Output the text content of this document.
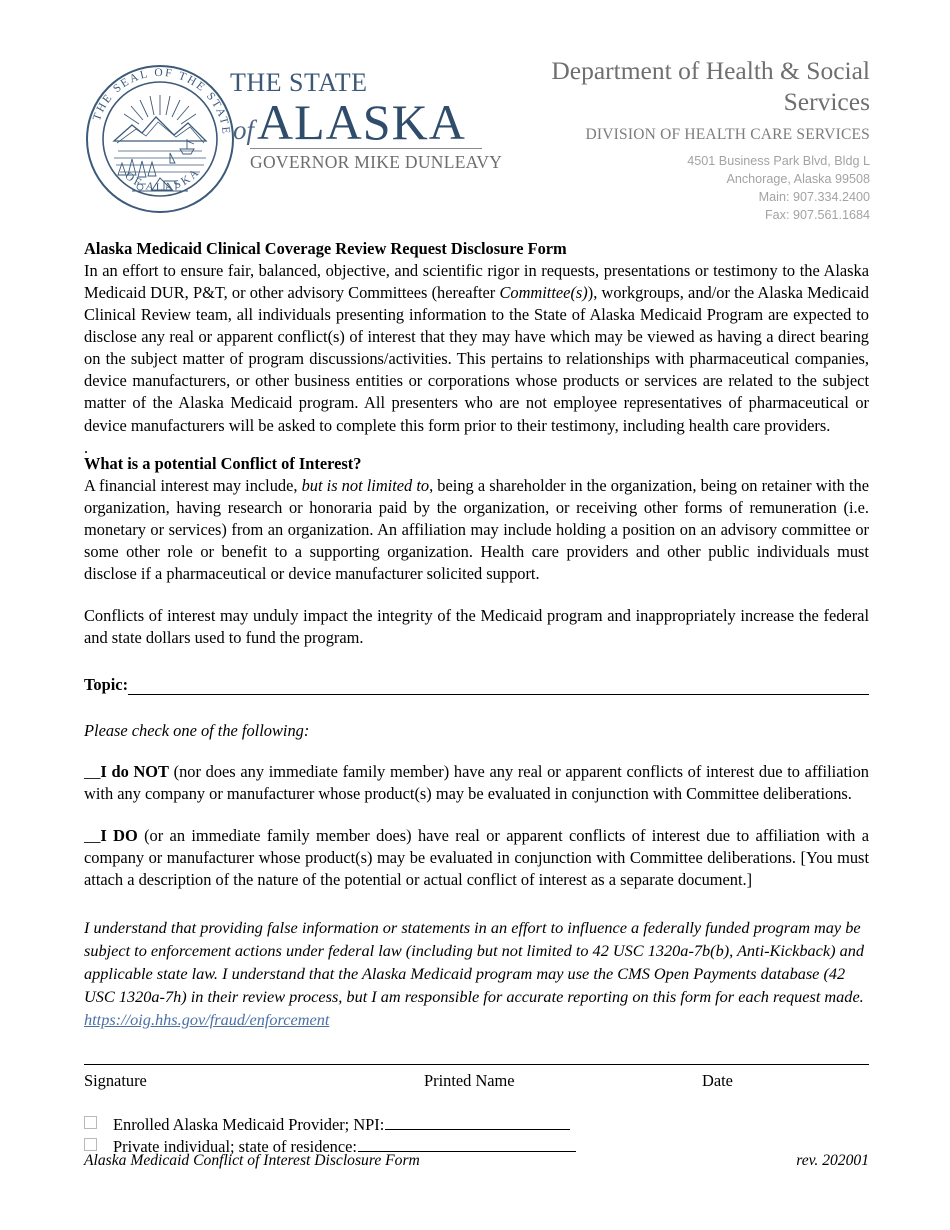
THE SEAL OF THE STATE
OF ALASKA
THE STATE
of ALASKA
GOVERNOR MIKE DUNLEAVY
Department of Health & Social Services
DIVISION OF HEALTH CARE SERVICES
4501 Business Park Blvd, Bldg L
Anchorage, Alaska 99508
Main: 907.334.2400
Fax: 907.561.1684
Alaska Medicaid Clinical Coverage Review Request Disclosure Form

In an effort to ensure fair, balanced, objective, and scientific rigor in requests, presentations or testimony to the Alaska Medicaid DUR, P&T, or other advisory Committees (hereafter Committee(s)), workgroups, and/or the Alaska Medicaid Clinical Review team, all individuals presenting information to the State of Alaska Medicaid Program are expected to disclose any real or apparent conflict(s) of interest that they may have which may be viewed as having a direct bearing on the subject matter of program discussions/activities. This pertains to relationships with pharmaceutical companies, device manufacturers, or other business entities or corporations whose products or services are related to the subject matter of the Alaska Medicaid program. All presenters who are not employee representatives of pharmaceutical or device manufacturers will be asked to complete this form prior to their testimony, including health care providers.

.
What is a potential Conflict of Interest?

A financial interest may include, but is not limited to, being a shareholder in the organization, being on retainer with the organization, having research or honoraria paid by the organization, or receiving other forms of remuneration (i.e. monetary or services) from an organization. An affiliation may include holding a position on an advisory committee or some other role or benefit to a supporting organization. Health care providers and other public individuals must disclose if a pharmaceutical or device manufacturer solicited support.

Conflicts of interest may unduly impact the integrity of the Medicaid program and inappropriately increase the federal and state dollars used to fund the program.

Topic:
Please check one of the following:

__I do NOT (nor does any immediate family member) have any real or apparent conflicts of interest due to affiliation with any company or manufacturer whose product(s) may be evaluated in conjunction with Committee deliberations.

__I DO (or an immediate family member does) have real or apparent conflicts of interest due to affiliation with a company or manufacturer whose product(s) may be evaluated in conjunction with Committee deliberations. [You must attach a description of the nature of the potential or actual conflict of interest as a separate document.]

I understand that providing false information or statements in an effort to influence a federally funded program may be subject to enforcement actions under federal law (including but not limited to 42 USC 1320a-7b(b), Anti-Kickback) and applicable state law. I understand that the Alaska Medicaid program may use the CMS Open Payments database (42 USC 1320a-7h) in their review process, but I am responsible for accurate reporting on this form for each request made. https://oig.hhs.gov/fraud/enforcement

Signature	Printed Name	Date
Enrolled Alaska Medicaid Provider; NPI:
Private individual; state of residence:
Alaska Medicaid Conflict of Interest Disclosure Form	rev. 202001
